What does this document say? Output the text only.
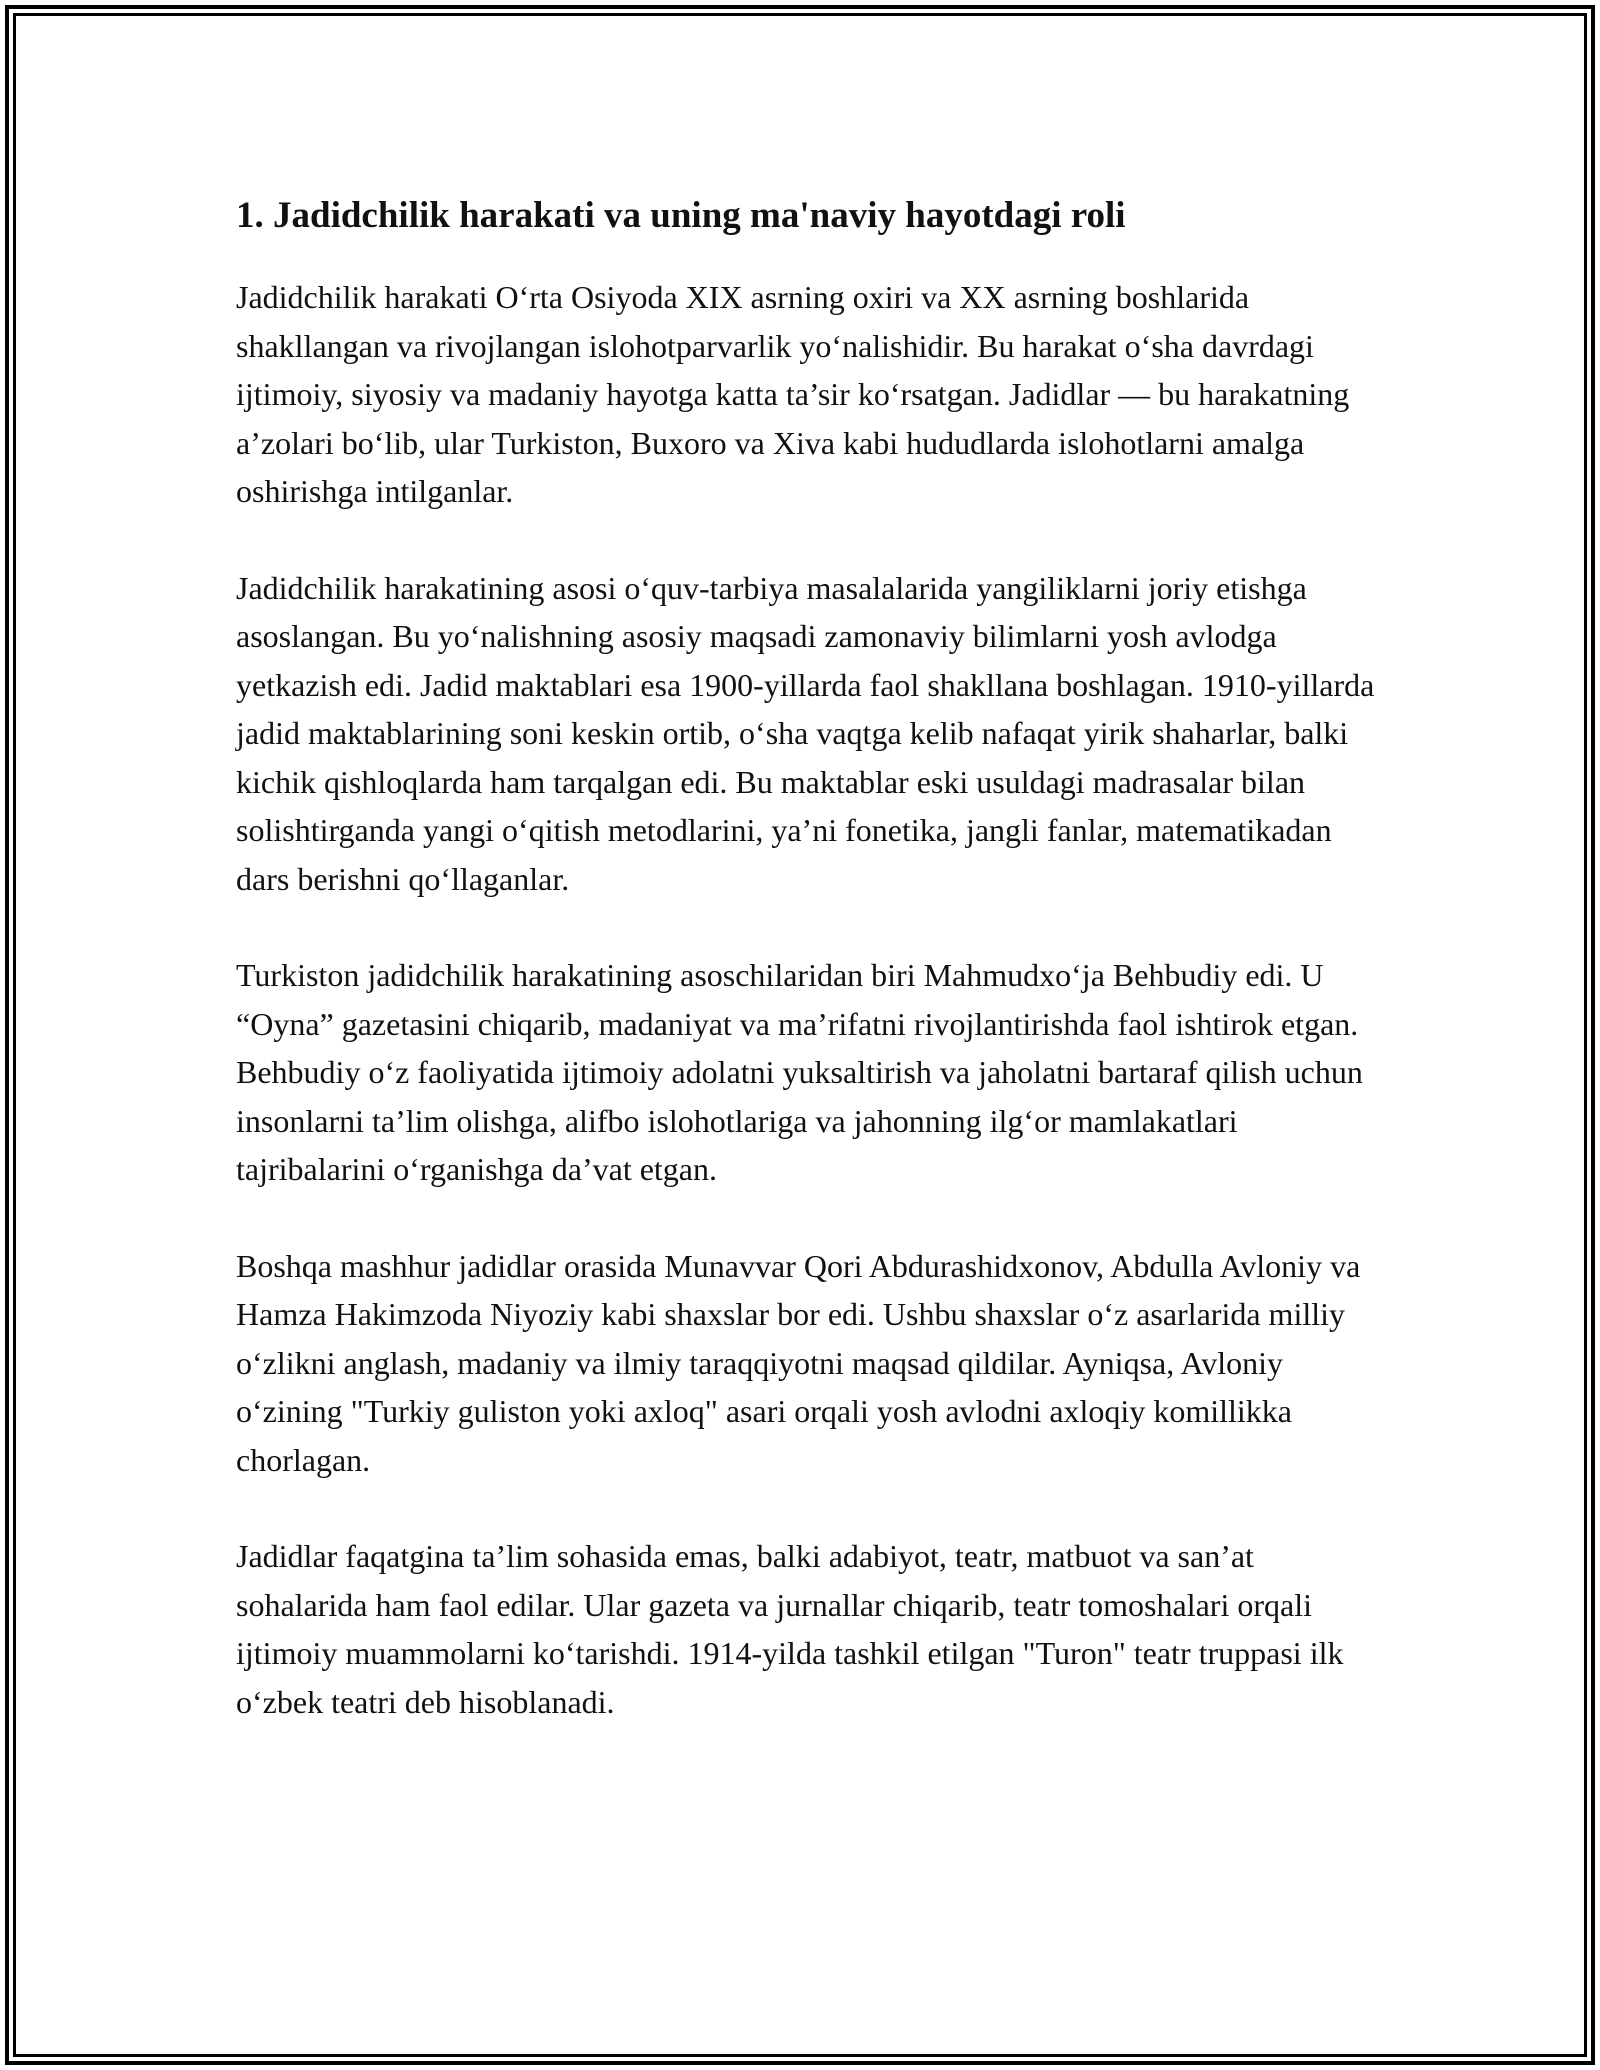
1. Jadidchilik harakati va uning ma'naviy hayotdagi roli

Jadidchilik harakati O‘rta Osiyoda XIX asrning oxiri va XX asrning boshlarida shakllangan va rivojlangan islohotparvarlik yo‘nalishidir. Bu harakat o‘sha davrdagi ijtimoiy, siyosiy va madaniy hayotga katta ta’sir ko‘rsatgan. Jadidlar — bu harakatning a’zolari bo‘lib, ular Turkiston, Buxoro va Xiva kabi hududlarda islohotlarni amalga oshirishga intilganlar.

Jadidchilik harakatining asosi o‘quv-tarbiya masalalarida yangiliklarni joriy etishga asoslangan. Bu yo‘nalishning asosiy maqsadi zamonaviy bilimlarni yosh avlodga yetkazish edi. Jadid maktablari esa 1900-yillarda faol shakllana boshlagan. 1910-yillarda jadid maktablarining soni keskin ortib, o‘sha vaqtga kelib nafaqat yirik shaharlar, balki kichik qishloqlarda ham tarqalgan edi. Bu maktablar eski usuldagi madrasalar bilan solishtirganda yangi o‘qitish metodlarini, ya’ni fonetika, jangli fanlar, matematikadan dars berishni qo‘llaganlar.

Turkiston jadidchilik harakatining asoschilaridan biri Mahmudxo‘ja Behbudiy edi. U “Oyna” gazetasini chiqarib, madaniyat va ma’rifatni rivojlantirishda faol ishtirok etgan. Behbudiy o‘z faoliyatida ijtimoiy adolatni yuksaltirish va jaholatni bartaraf qilish uchun insonlarni ta’lim olishga, alifbo islohotlariga va jahonning ilg‘or mamlakatlari tajribalarini o‘rganishga da’vat etgan.

Boshqa mashhur jadidlar orasida Munavvar Qori Abdurashidxonov, Abdulla Avloniy va Hamza Hakimzoda Niyoziy kabi shaxslar bor edi. Ushbu shaxslar o‘z asarlarida milliy o‘zlikni anglash, madaniy va ilmiy taraqqiyotni maqsad qildilar. Ayniqsa, Avloniy o‘zining "Turkiy guliston yoki axloq" asari orqali yosh avlodni axloqiy komillikka chorlagan.

Jadidlar faqatgina ta’lim sohasida emas, balki adabiyot, teatr, matbuot va san’at sohalarida ham faol edilar. Ular gazeta va jurnallar chiqarib, teatr tomoshalari orqali ijtimoiy muammolarni ko‘tarishdi. 1914-yilda tashkil etilgan "Turon" teatr truppasi ilk o‘zbek teatri deb hisoblanadi.
